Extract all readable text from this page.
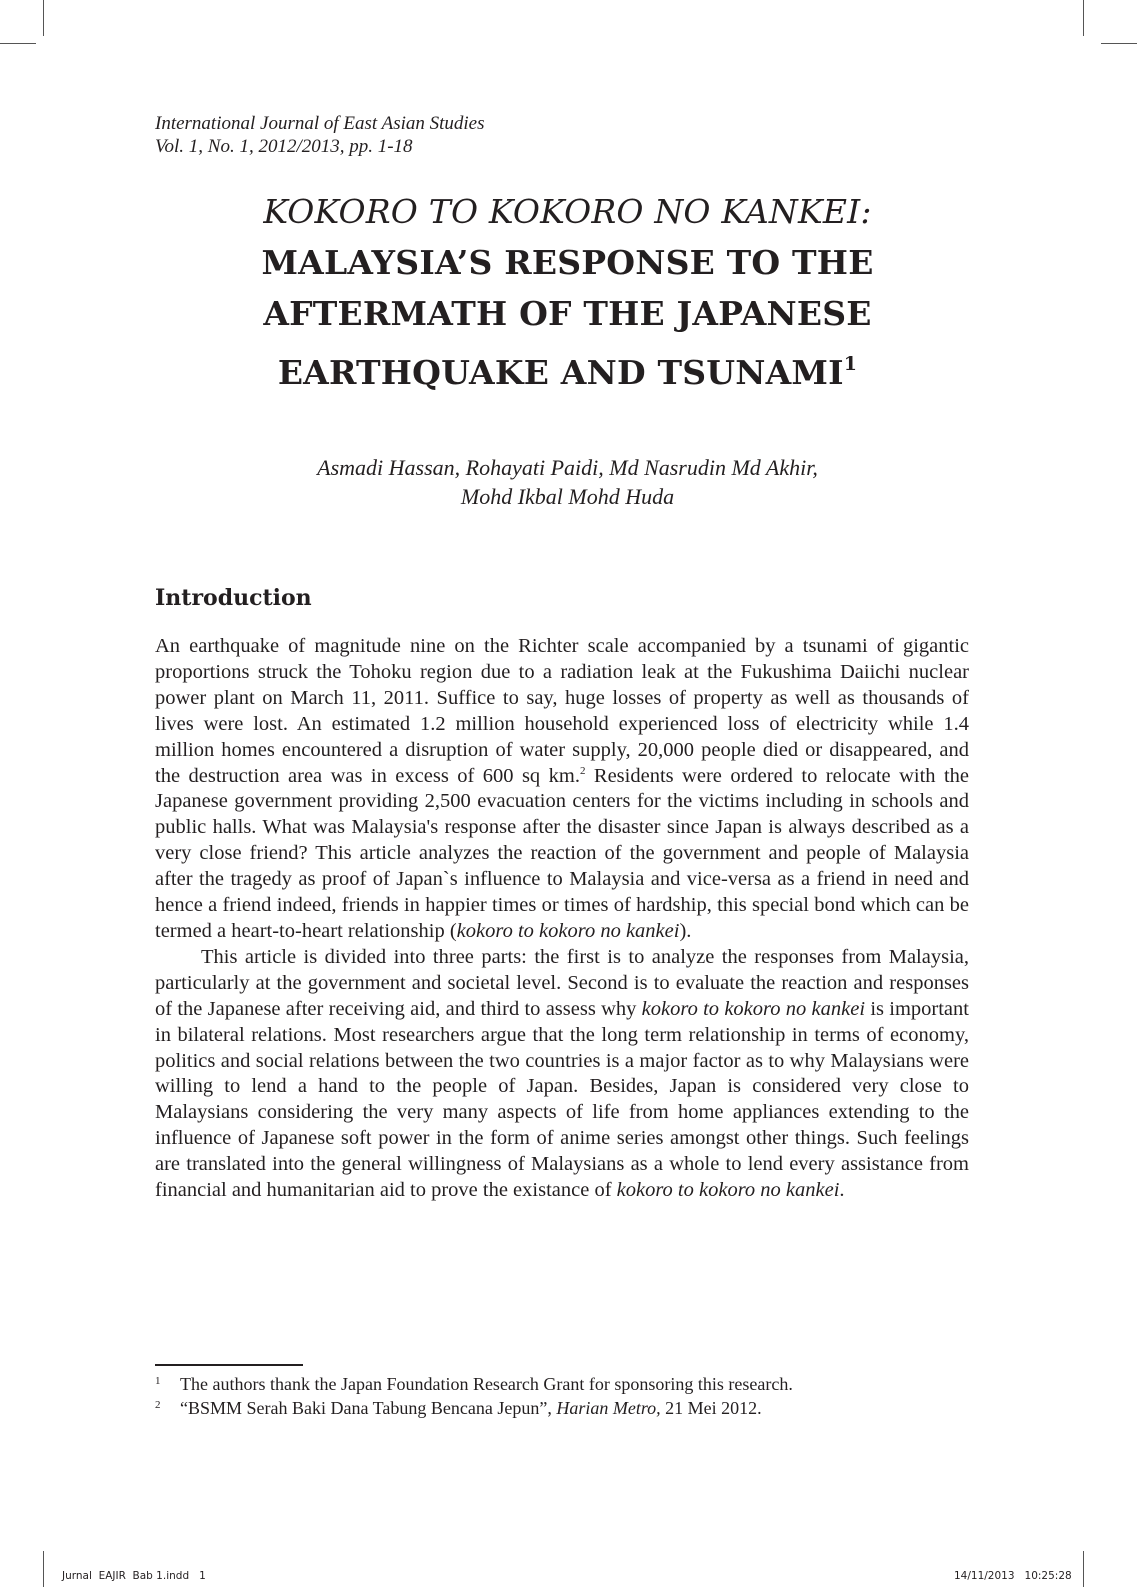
International Journal of East Asian Studies
Vol. 1, No. 1, 2012/2013, pp. 1-18
KOKORO TO KOKORO NO KANKEI:
MALAYSIA’S RESPONSE TO THE
AFTERMATH OF THE JAPANESE
EARTHQUAKE AND TSUNAMI$^1$
Asmadi Hassan, Rohayati Paidi, Md Nasrudin Md Akhir,
Mohd Ikbal Mohd Huda
Introduction

An earthquake of magnitude nine on the Richter scale accompanied by a tsunami of gigantic proportions struck the Tohoku region due to a radiation leak at the Fukushima Daiichi nuclear power plant on March 11, 2011. Suffice to say, huge losses of property as well as thousands of lives were lost. An estimated 1.2 million household experienced loss of electricity while 1.4 million homes encountered a disruption of water supply, 20,000 people died or disappeared, and the destruction area was in excess of 600 sq km.$^2$ Residents were ordered to relocate with the Japanese government providing 2,500 evacuation centers for the victims including in schools and public halls. What was Malaysia's response after the disaster since Japan is always described as a very close friend? This article analyzes the reaction of the government and people of Malaysia after the tragedy as proof of Japan`s influence to Malaysia and vice-versa as a friend in need and hence a friend indeed, friends in happier times or times of hardship, this special bond which can be termed a heart-to-heart relationship (kokoro to kokoro no kankei).

This article is divided into three parts: the first is to analyze the responses from Malaysia, particularly at the government and societal level. Second is to evaluate the reaction and responses of the Japanese after receiving aid, and third to assess why kokoro to kokoro no kankei is important in bilateral relations. Most researchers argue that the long term relationship in terms of economy, politics and social relations between the two countries is a major factor as to why Malaysians were willing to lend a hand to the people of Japan. Besides, Japan is considered very close to Malaysians considering the very many aspects of life from home appliances extending to the influence of Japanese soft power in the form of anime series amongst other things. Such feelings are translated into the general willingness of Malaysians as a whole to lend every assistance from financial and humanitarian aid to prove the existance of kokoro to kokoro no kankei.

1	The authors thank the Japan Foundation Research Grant for sponsoring this research.
2	“BSMM Serah Baki Dana Tabung Bencana Jepun”, Harian Metro, 21 Mei 2012.
Jurnal  EAJIR  Bab 1.indd   1	14/11/2013   10:25:28
